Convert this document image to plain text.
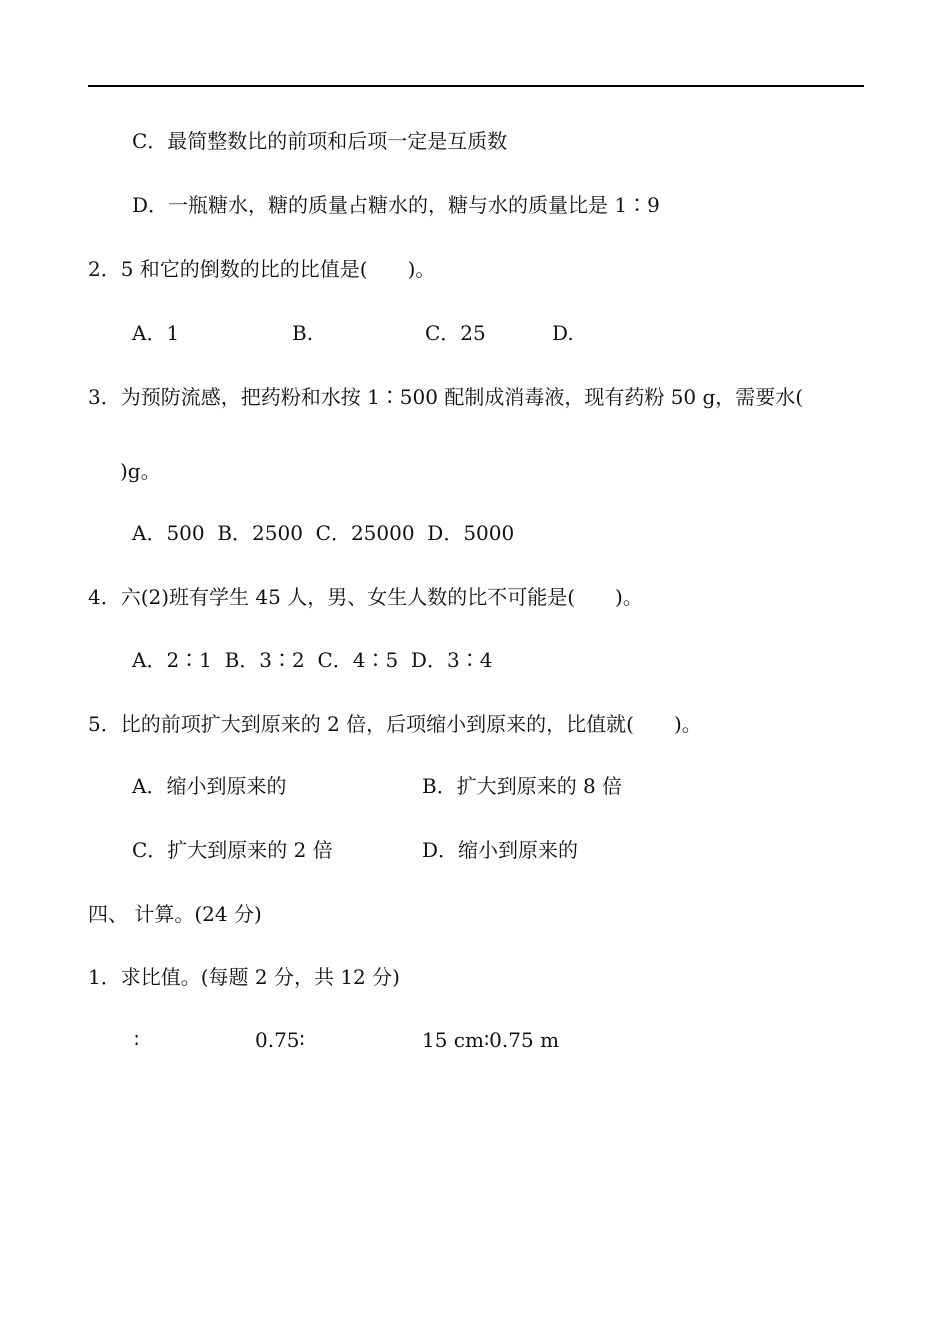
C．最简整数比的前项和后项一定是互质数
D．一瓶糖水，糖的质量占糖水的，糖与水的质量比是 1∶9
2．5 和它的倒数的比的比值是(　　)。
A．1	B.	C．25	D.
3．为预防流感，把药粉和水按 1∶500 配制成消毒液，现有药粉 50 g，需要水(
)g。
A．500  B．2500  C．25000  D．5000
4．六(2)班有学生 45 人，男、女生人数的比不可能是(　　)。
A．2∶1  B．3∶2  C．4∶5  D．3∶4
5．比的前项扩大到原来的 2 倍，后项缩小到原来的，比值就(　　)。
A．缩小到原来的	B．扩大到原来的 8 倍
C．扩大到原来的 2 倍	D．缩小到原来的
四、 计算。(24 分)
1．求比值。(每题 2 分，共 12 分)
∶	0.75∶	15 cm∶0.75 m
